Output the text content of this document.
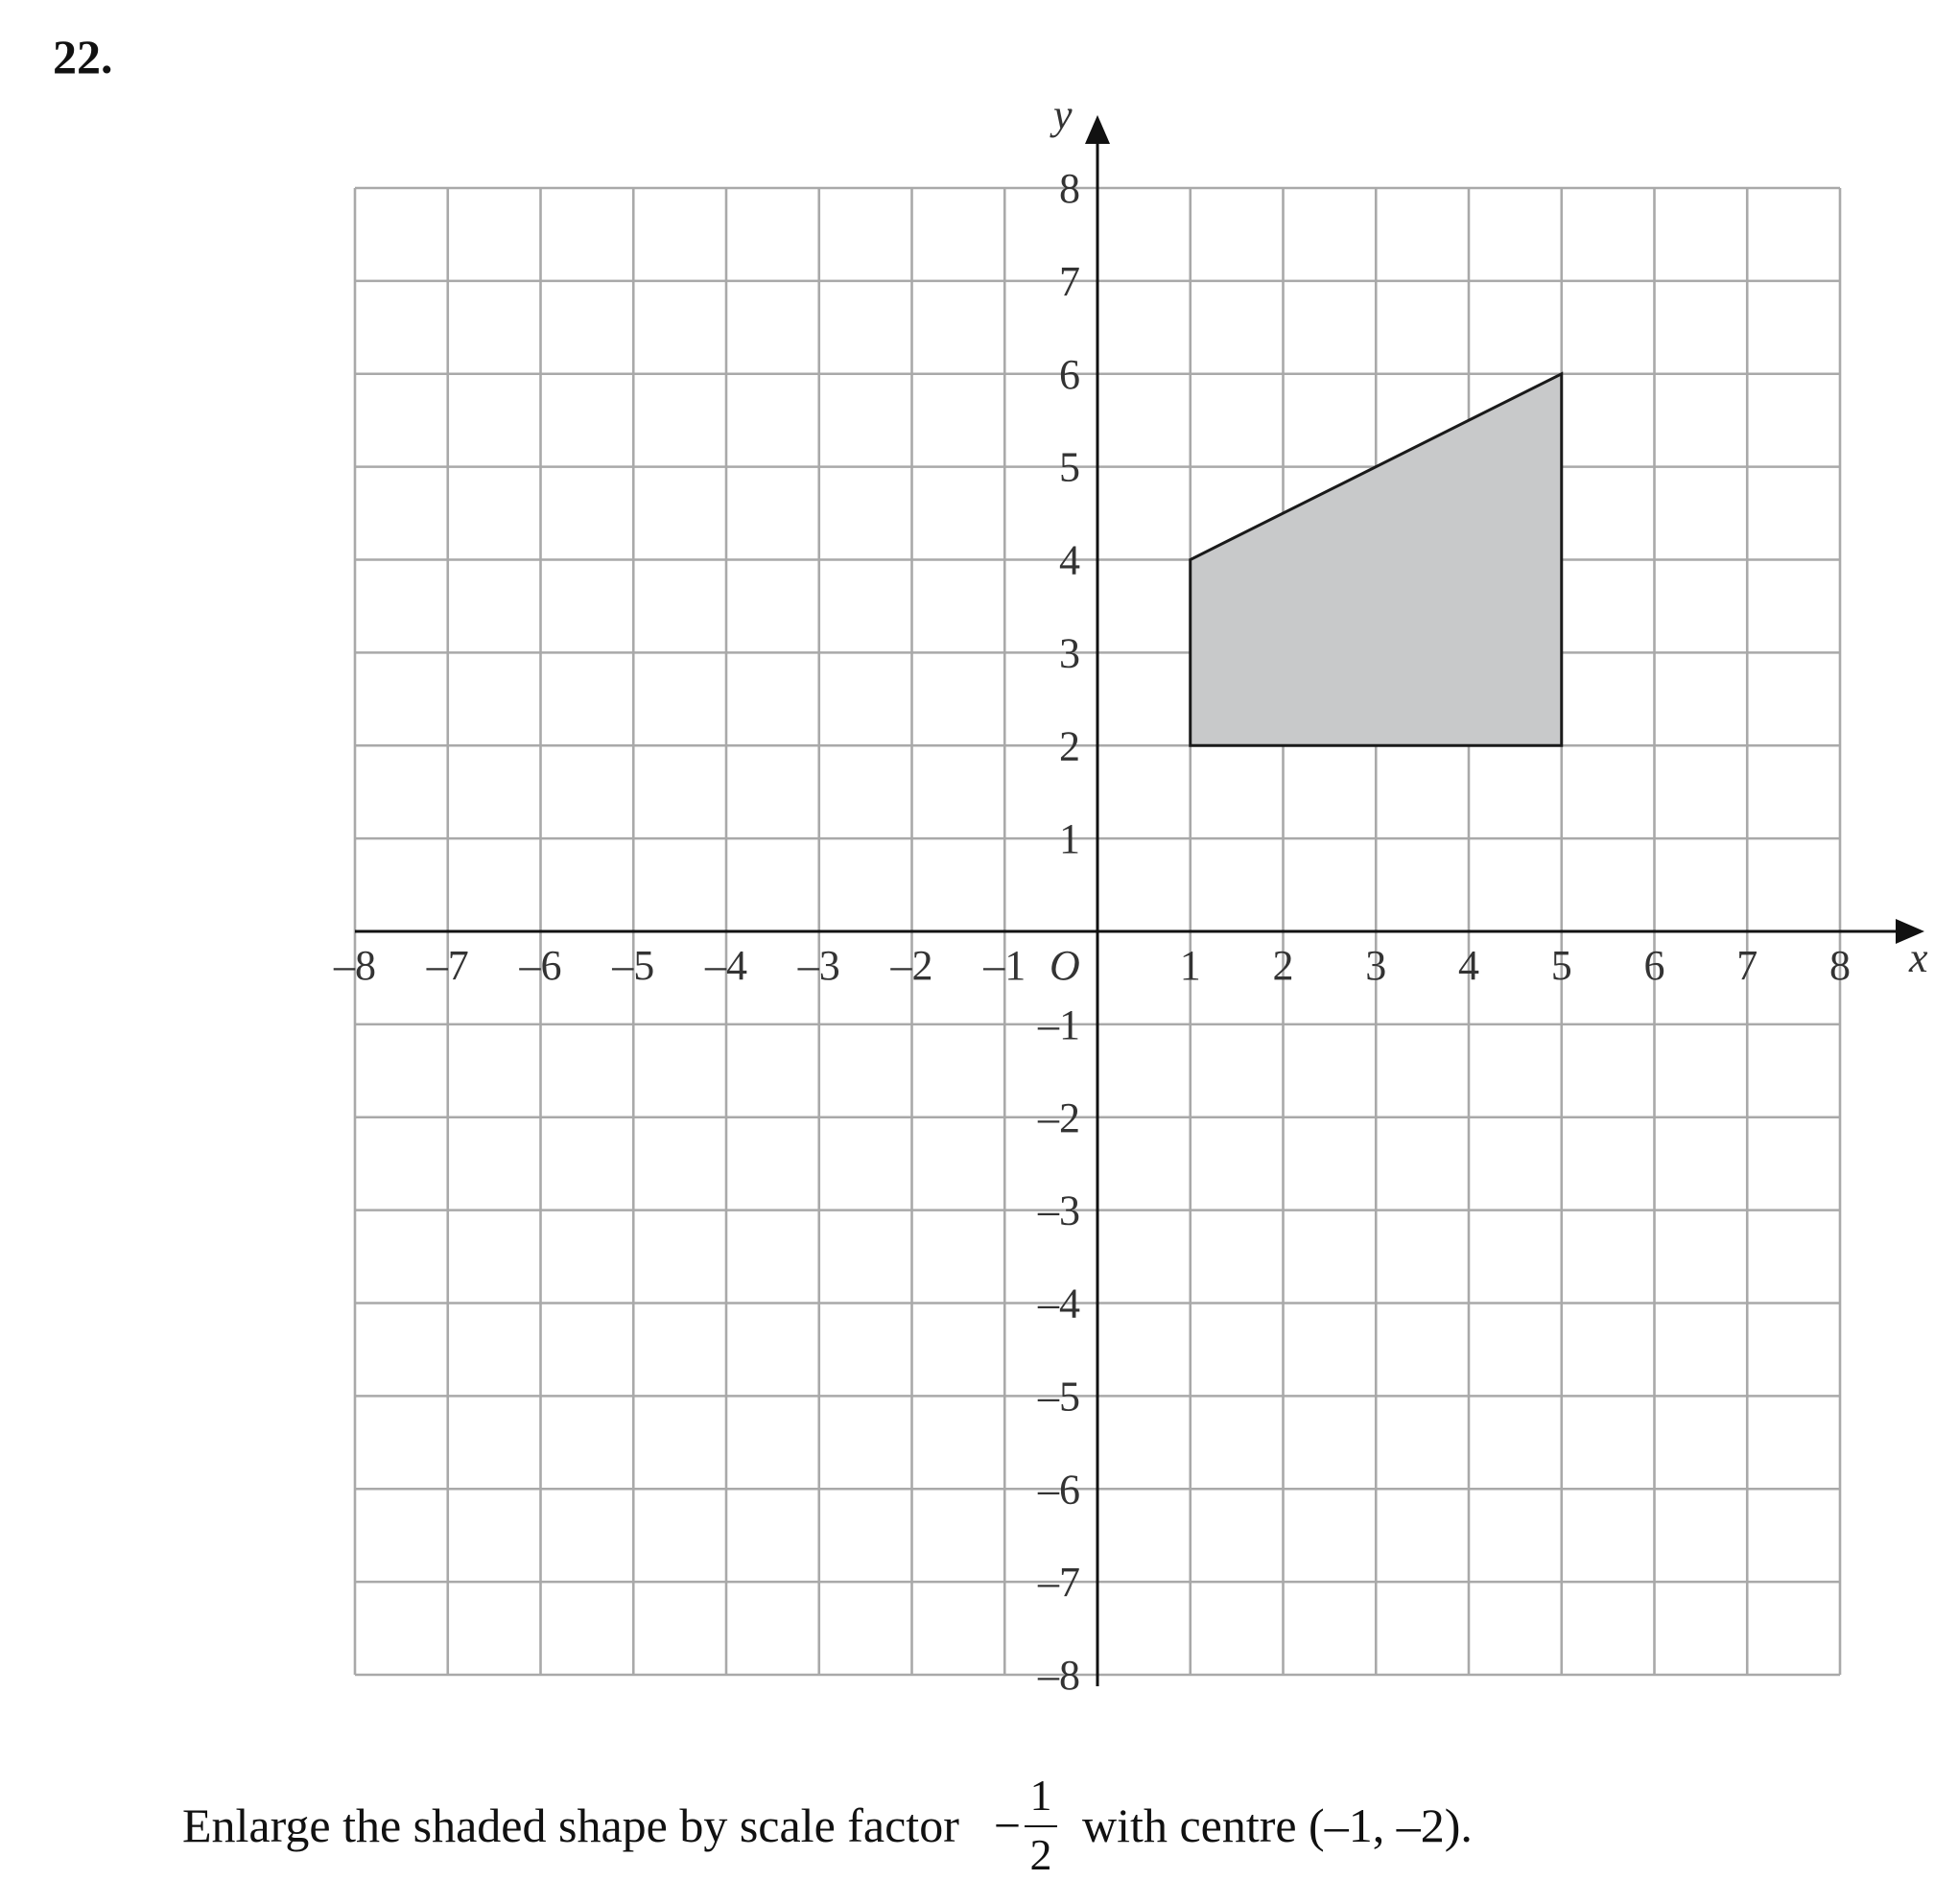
22.
–8 –7 –6 –5 –4 –3 –2 –1	1 2 3 4 5 6 7 8
–8
–7
–6
–5
–4
–3
–2
–1
1
2
3
4
5
6
7
8
x
y
O
Enlarge the shaded shape by scale factor − $\frac{1}{2}$ with centre (–1, –2).
